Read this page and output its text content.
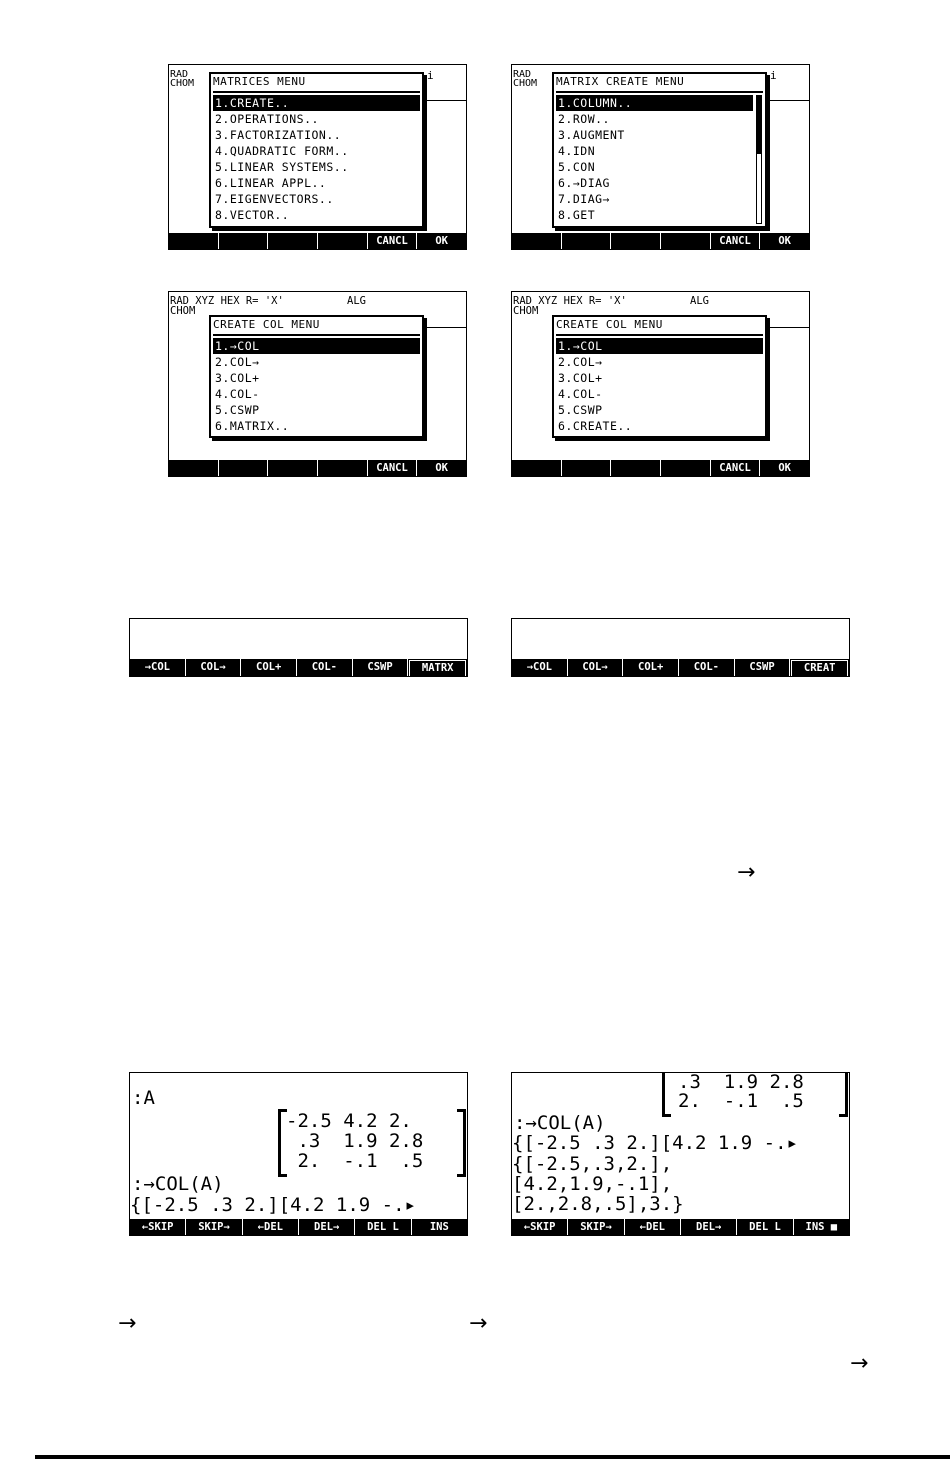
RAD
CHOM
i
MATRICES MENU
1.CREATE..
2.OPERATIONS..
3.FACTORIZATION..
4.QUADRATIC FORM..
5.LINEAR SYSTEMS..
6.LINEAR APPL..
7.EIGENVECTORS..
8.VECTOR..
CANCL	OK
RAD
CHOM
i
MATRIX CREATE MENU
1.COLUMN..
2.ROW..
3.AUGMENT
4.IDN
5.CON
6.→DIAG
7.DIAG→
8.GET
CANCL	OK
RAD XYZ HEX R= 'X'          ALG
CHOM
CREATE COL MENU
1.→COL
2.COL→
3.COL+
4.COL-
5.CSWP
6.MATRIX..
CANCL	OK
RAD XYZ HEX R= 'X'          ALG
CHOM
CREATE COL MENU
1.→COL
2.COL→
3.COL+
4.COL-
5.CSWP
6.CREATE..
CANCL	OK
→COL	COL→	COL+	COL-	CSWP	MATRX	→COL	COL→	COL+	COL-	CSWP	CREAT
→
:A
-2.5 4.2 2.
.3  1.9 2.8
2.  -.1  .5
:→COL(A)
{[-2.5 .3 2.][4.2 1.9 -.▸
←SKIP	SKIP→	←DEL	DEL→	DEL L	INS
.3  1.9 2.8
2.  -.1  .5
:→COL(A)
{[-2.5 .3 2.][4.2 1.9 -.▸
{[-2.5,.3,2.],
[4.2,1.9,-.1],
[2.,2.8,.5],3.}
←SKIP	SKIP→	←DEL	DEL→	DEL L	INS ■
→	→
→
